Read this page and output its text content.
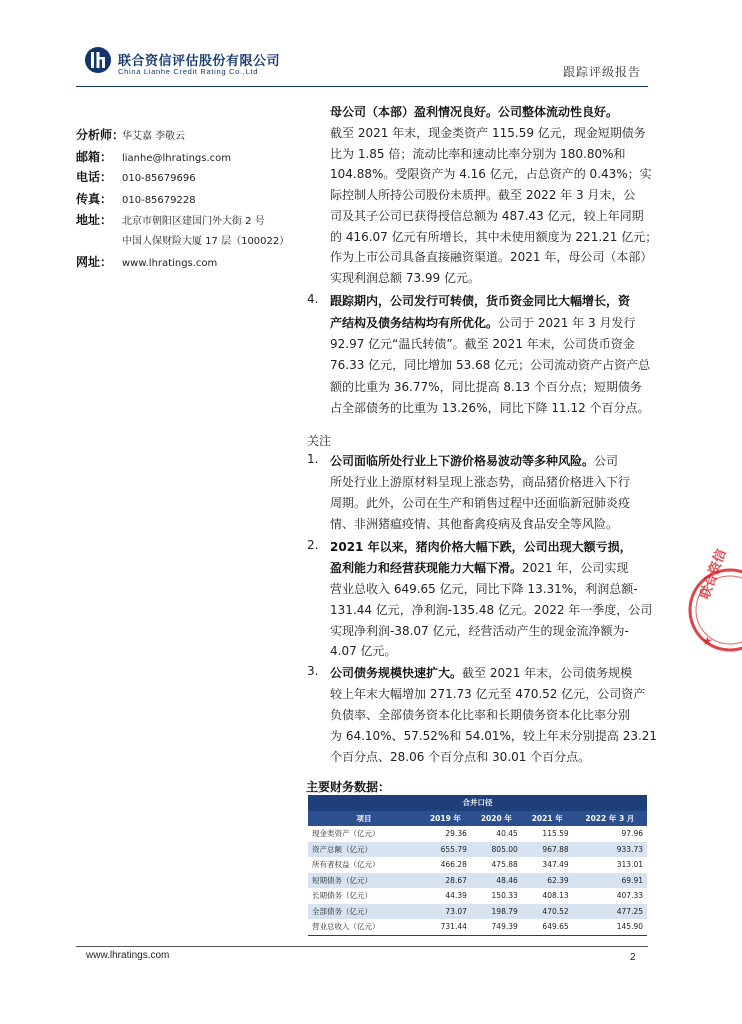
联合资信评估股份有限公司
China Lianhe Credit Rating Co.,Ltd	跟踪评级报告
分析师：华艾嘉 李敬云
邮箱： lianhe@lhratings.com
电话： 010-85679696
传真： 010-85679228
地址： 北京市朝阳区建国门外大街 2 号
中国人保财险大厦 17 层（100022）
网址： www.lhratings.com
母公司（本部）盈利情况良好。公司整体流动性良好。
截至 2021 年末，现金类资产 115.59 亿元，现金短期债务
比为 1.85 倍；流动比率和速动比率分别为 180.80%和
104.88%。受限资产为 4.16 亿元，占总资产的 0.43%；实
际控制人所持公司股份未质押。截至 2022 年 3 月末，公
司及其子公司已获得授信总额为 487.43 亿元，较上年同期
的 416.07 亿元有所增长，其中未使用额度为 221.21 亿元；
作为上市公司具备直接融资渠道。2021 年，母公司（本部）
实现利润总额 73.99 亿元。
4. 跟踪期内，公司发行可转债，货币资金同比大幅增长，资
产结构及债务结构均有所优化。公司于 2021 年 3 月发行
92.97 亿元“温氏转债”。截至 2021 年末，公司货币资金
76.33 亿元，同比增加 53.68 亿元；公司流动资产占资产总
额的比重为 36.77%，同比提高 8.13 个百分点；短期债务
占全部债务的比重为 13.26%，同比下降 11.12 个百分点。
关注
1. 公司面临所处行业上下游价格易波动等多种风险。公司
所处行业上游原材料呈现上涨态势，商品猪价格进入下行
周期。此外，公司在生产和销售过程中还面临新冠肺炎疫
情、非洲猪瘟疫情、其他畜禽疫病及食品安全等风险。
2. 2021 年以来，猪肉价格大幅下跌，公司出现大额亏损，
盈利能力和经营获现能力大幅下滑。2021 年，公司实现
营业总收入 649.65 亿元，同比下降 13.31%，利润总额-
131.44 亿元，净利润-135.48 亿元。2022 年一季度，公司
实现净利润-38.07 亿元，经营活动产生的现金流净额为-
4.07 亿元。
3. 公司债务规模快速扩大。截至 2021 年末，公司债务规模
较上年末大幅增加 271.73 亿元至 470.52 亿元，公司资产
负债率、全部债务资本化比率和长期债务资本化比率分别
为 64.10%、57.52%和 54.01%，较上年末分别提高 23.21
个百分点、28.06 个百分点和 30.01 个百分点。
主要财务数据：
合并口径				
项目	2019 年	2020 年	2021 年	2022 年 3 月
现金类资产（亿元）	29.36	40.45	115.59	97.96
资产总额（亿元）	655.79	805.00	967.88	933.73
所有者权益（亿元）	466.28	475.88	347.49	313.01
短期债务（亿元）	28.67	48.46	62.39	69.91
长期债务（亿元）	44.39	150.33	408.13	407.33
全部债务（亿元）	73.07	198.79	470.52	477.25
营业总收入（亿元）	731.44	749.39	649.65	145.90
联合资信
★
www.lhratings.com	2
